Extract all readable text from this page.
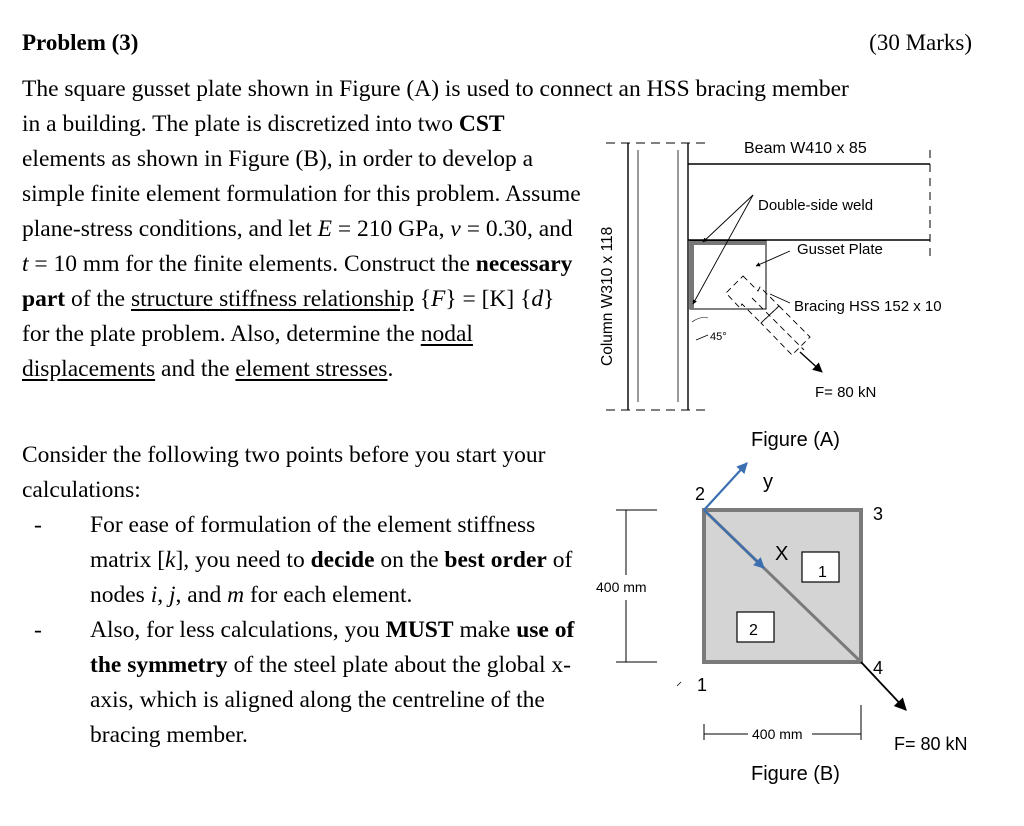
Problem (3)	(30 Marks)
The square gusset plate shown in Figure (A) is used to connect an HSS bracing member
in a building. The plate is discretized into two CST elements as shown in Figure (B), in order to develop a simple finite element formulation for this problem. Assume plane-stress conditions, and let E = 210 GPa, ν = 0.30, and t = 10 mm for the finite elements. Construct the necessary part of the structure stiffness relationship {F} = [K] {d} for the plate problem. Also, determine the nodal displacements and the element stresses.
Consider the following two points before you start your calculations:
- For ease of formulation of the element stiffness matrix [k], you need to decide on the best order of nodes i, j, and m for each element.
- Also, for less calculations, you MUST make use of the symmetry of the steel plate about the global x-axis, which is aligned along the centreline of the bracing member.
Beam W410 x 85
Column W310 x 118
Double-side weld
Gusset Plate
Bracing HSS 152 x 10
45°
F= 80 kN
Figure (A)
1
2
y
X
2
3
4
1
400 mm
400 mm	F= 80 kN
Figure (B)
